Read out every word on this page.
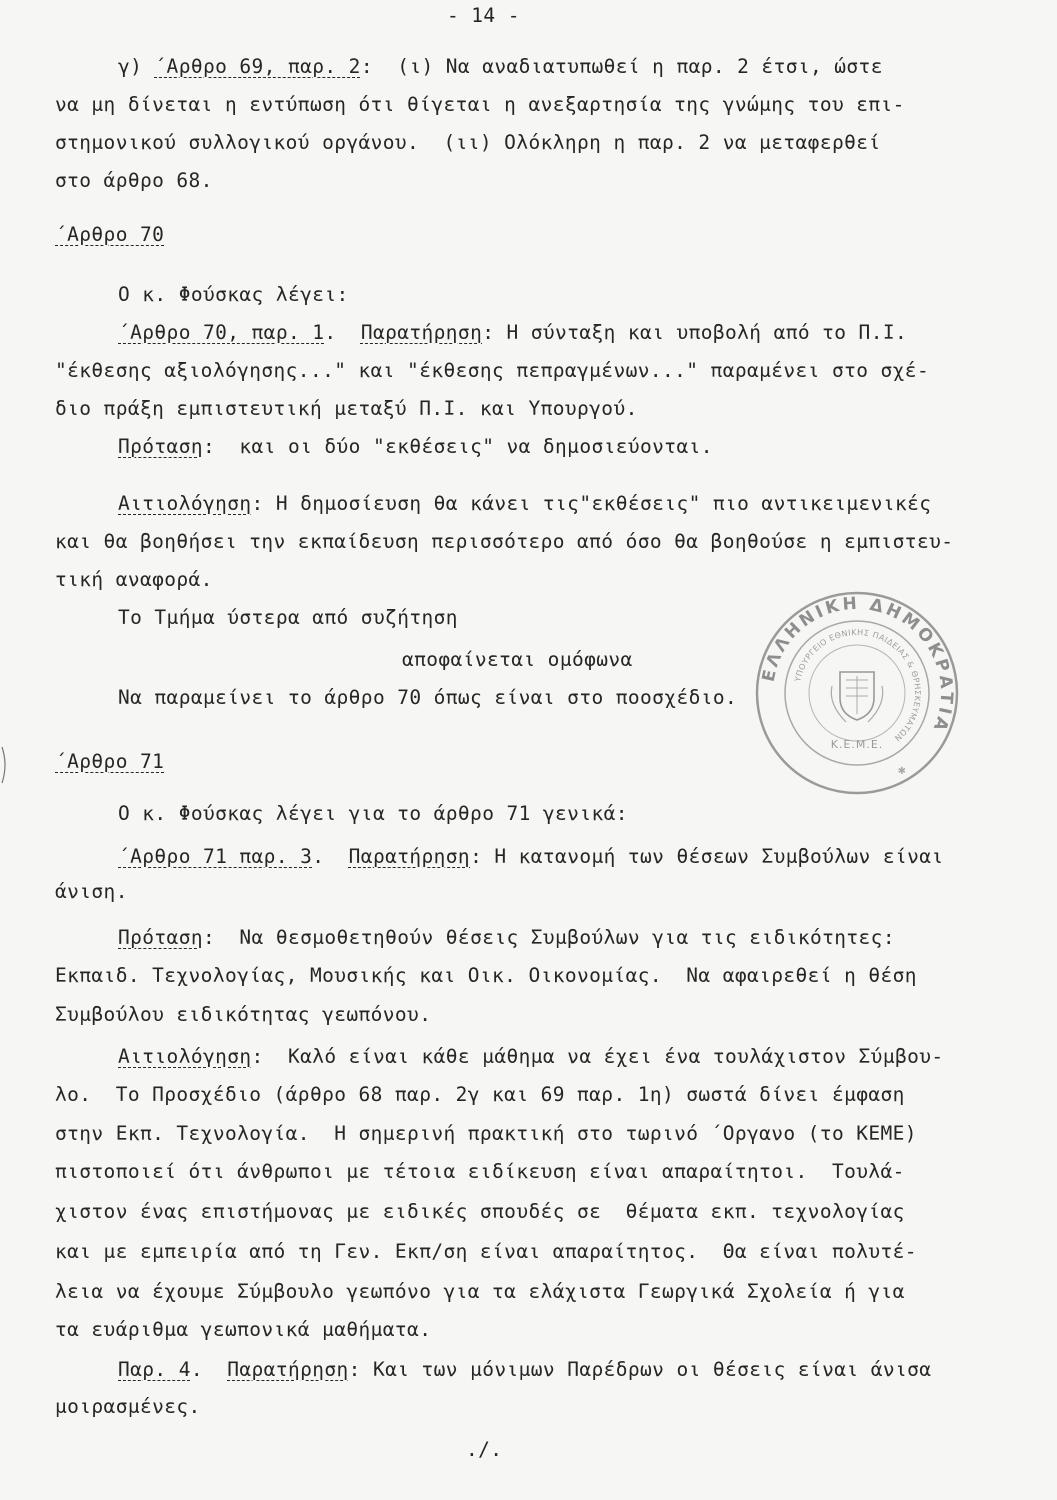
- 14 -
γ) ΄Αρθρο 69, παρ. 2:  (ι) Να αναδιατυπωθεί η παρ. 2 έτσι, ώστε
να μη δίνεται η εντύπωση ότι θίγεται η ανεξαρτησία της γνώμης του επι-
στημονικού συλλογικού οργάνου.  (ιι) Ολόκληρη η παρ. 2 να μεταφερθεί
στο άρθρο 68.
΄Αρθρο 70
Ο κ. Φούσκας λέγει:
΄Αρθρο 70, παρ. 1.  Παρατήρηση: Η σύνταξη και υποβολή από το Π.Ι.
"έκθεσης αξιολόγησης..." και "έκθεσης πεπραγμένων..." παραμένει στο σχέ-
διο πράξη εμπιστευτική μεταξύ Π.Ι. και Υπουργού.
Πρόταση:  και οι δύο "εκθέσεις" να δημοσιεύονται.
Αιτιολόγηση: Η δημοσίευση θα κάνει τις"εκθέσεις" πιο αντικειμενικές
και θα βοηθήσει την εκπαίδευση περισσότερο από όσο θα βοηθούσε η εμπιστευ-
τική αναφορά.
Το Τμήμα ύστερα από συζήτηση
αποφαίνεται ομόφωνα
Να παραμείνει το άρθρο 70 όπως είναι στο ποοσχέδιο.
΄Αρθρο 71
Ο κ. Φούσκας λέγει για το άρθρο 71 γενικά:
΄Αρθρο 71 παρ. 3.  Παρατήρηση: Η κατανομή των θέσεων Συμβούλων είναι
άνιση.
Πρόταση:  Να θεσμοθετηθούν θέσεις Συμβούλων για τις ειδικότητες:
Εκπαιδ. Τεχνολογίας, Μουσικής και Οικ. Οικονομίας.  Να αφαιρεθεί η θέση
Συμβούλου ειδικότητας γεωπόνου.
Αιτιολόγηση:  Καλό είναι κάθε μάθημα να έχει ένα τουλάχιστον Σύμβου-
λο.  Το Προσχέδιο (άρθρο 68 παρ. 2γ και 69 παρ. 1η) σωστά δίνει έμφαση
στην Εκπ. Τεχνολογία.  Η σημερινή πρακτική στο τωρινό ΄Οργανο (το ΚΕΜΕ)
πιστοποιεί ότι άνθρωποι με τέτοια ειδίκευση είναι απαραίτητοι.  Τουλά-
χιστον ένας επιστήμονας με ειδικές σπουδές σε  θέματα εκπ. τεχνολογίας
και με εμπειρία από τη Γεν. Εκπ/ση είναι απαραίτητος.  Θα είναι πολυτέ-
λεια να έχουμε Σύμβουλο γεωπόνο για τα ελάχιστα Γεωργικά Σχολεία ή για
τα ευάριθμα γεωπονικά μαθήματα.
Παρ. 4.  Παρατήρηση: Και των μόνιμων Παρέδρων οι θέσεις είναι άνισα
μοιρασμένες.
./.
ΕΛΛΗΝΙΚΗ ΔΗΜΟΚΡΑΤΙΑ
ΥΠΟΥΡΓΕΙΟ ΕΘΝΙΚΗΣ ΠΑΙΔΕΙΑΣ & ΘΡΗΣΚΕΥΜΑΤΩΝ
Κ.Ε.Μ.Ε.
✱
